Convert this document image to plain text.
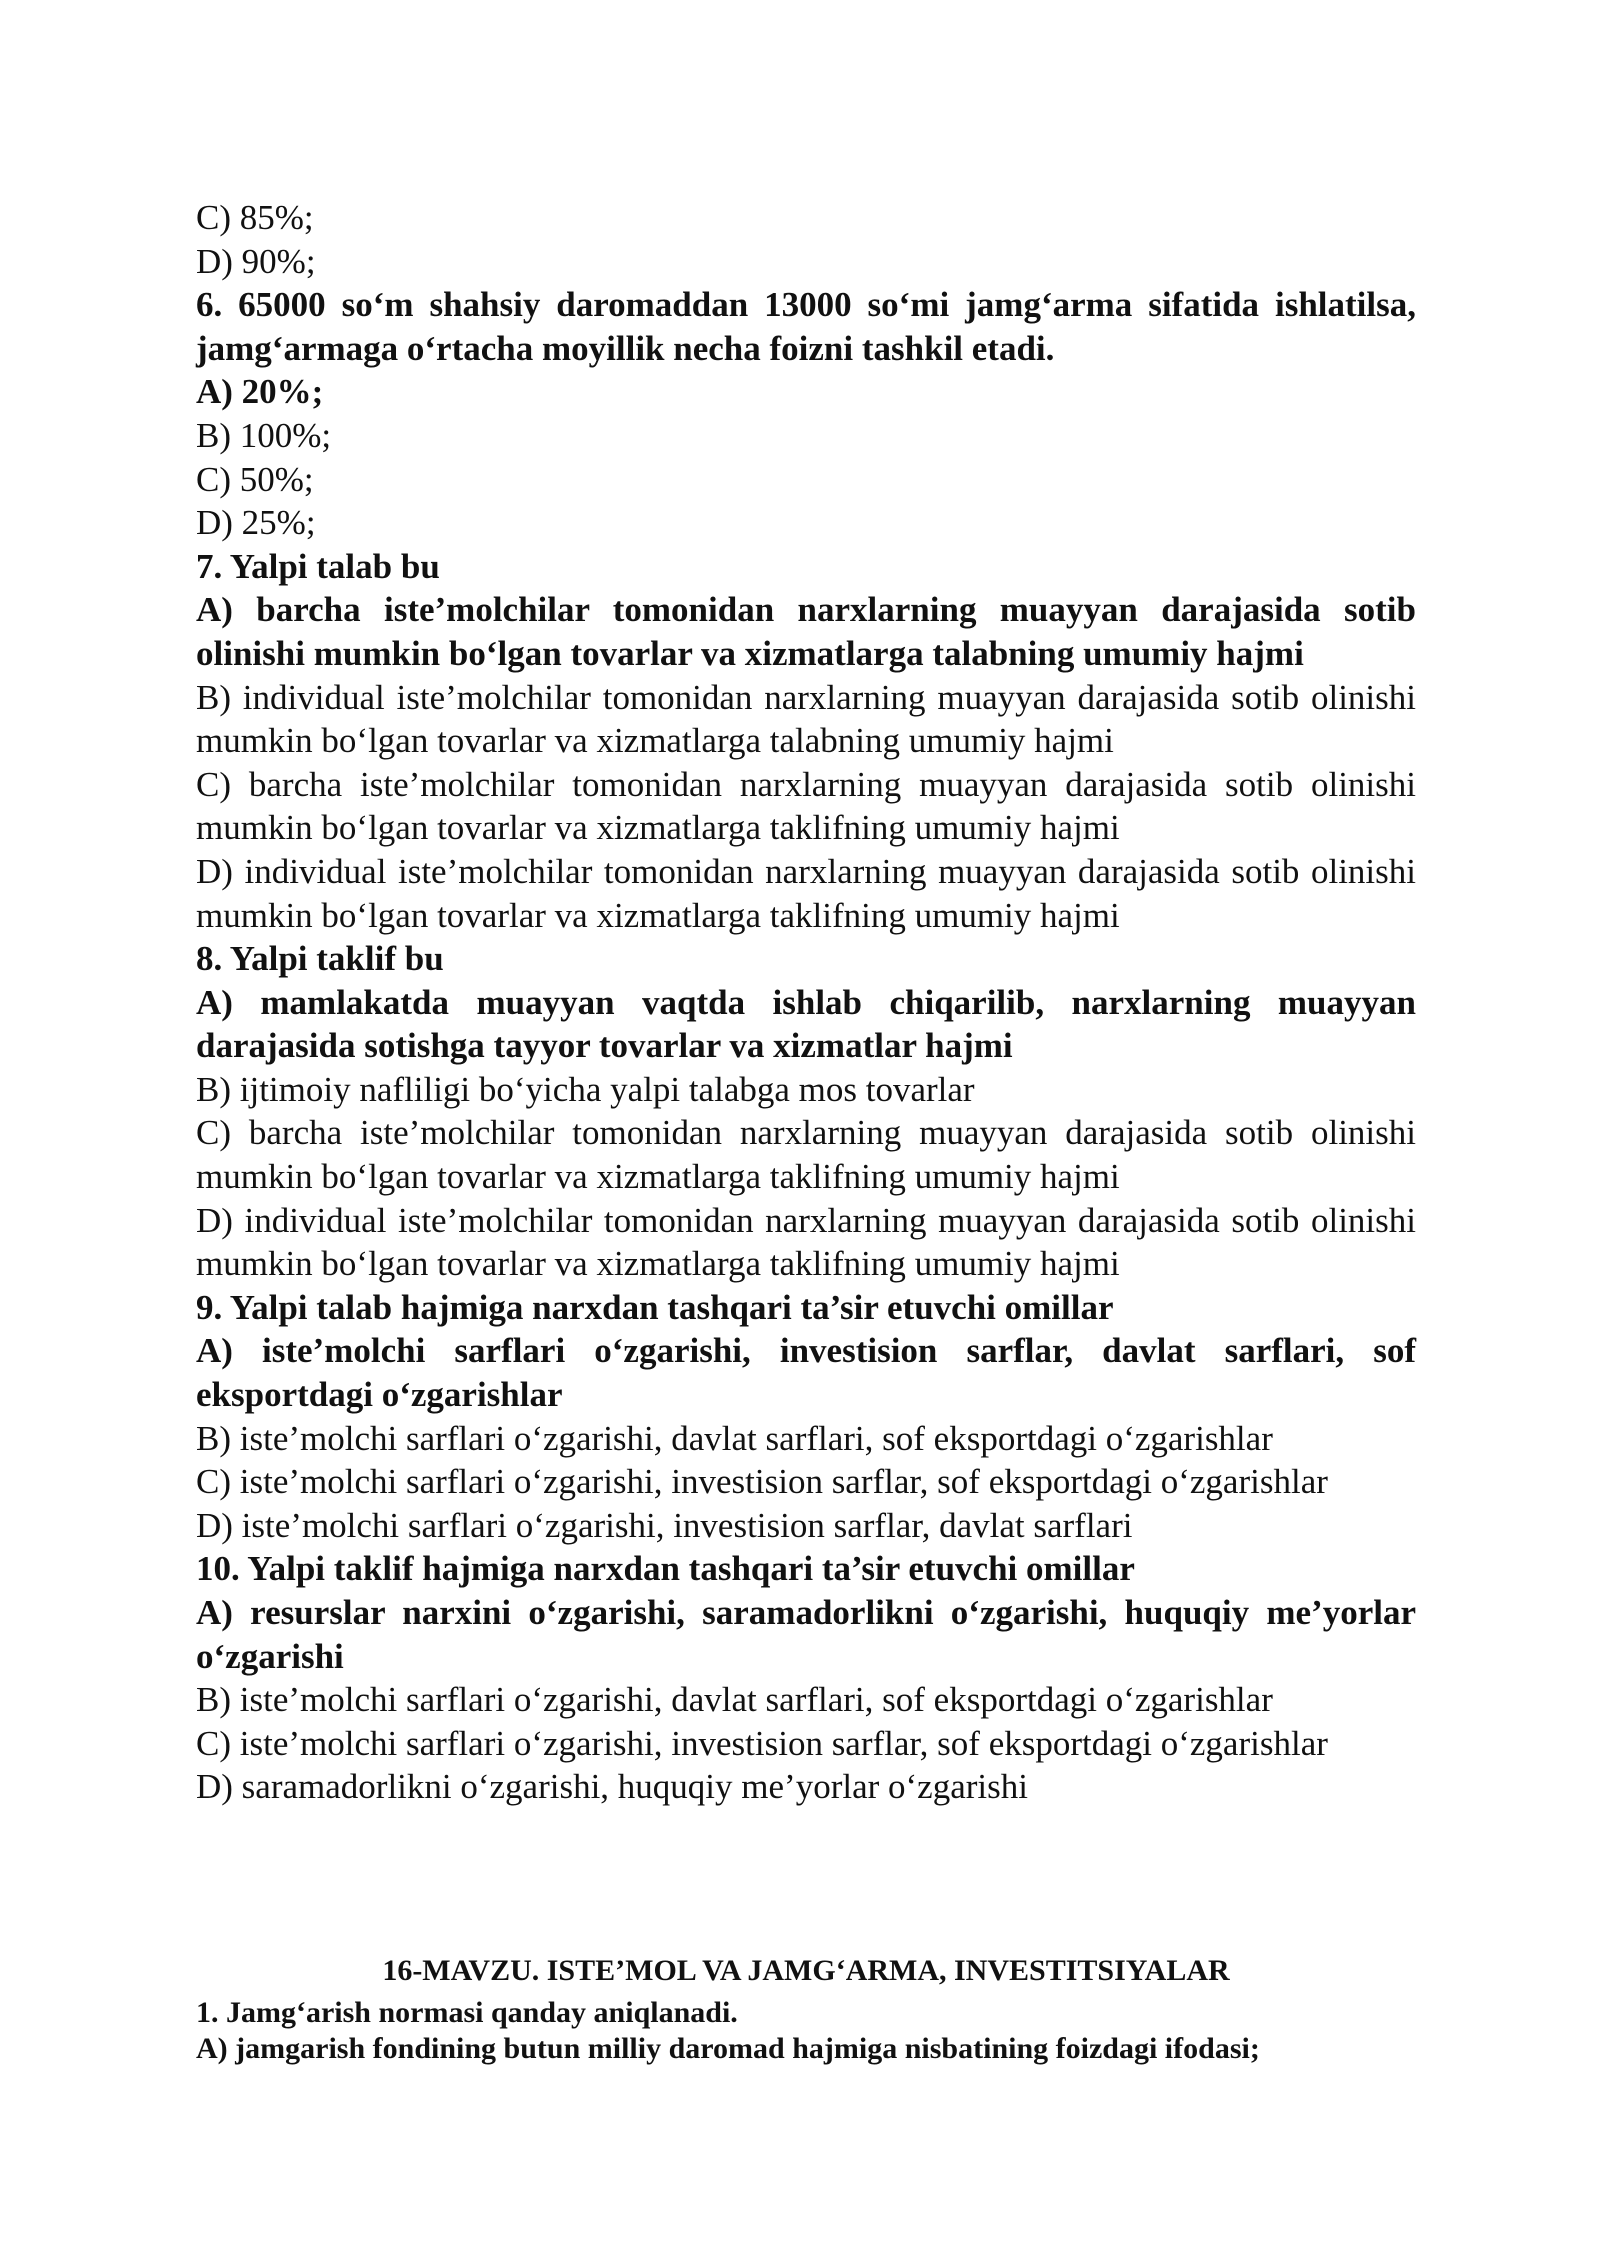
C) 85%;

D) 90%;

6. 65000 so‘m shahsiy daromaddan 13000 so‘mi jamg‘arma sifatida ishlatilsa, jamg‘armaga o‘rtacha moyillik necha foizni tashkil etadi.

A) 20%;

B) 100%;

C) 50%;

D) 25%;

7. Yalpi talab bu

A) barcha iste’molchilar tomonidan narxlarning muayyan darajasida sotib olinishi mumkin bo‘lgan tovarlar va xizmatlarga talabning umumiy hajmi

B) individual iste’molchilar tomonidan narxlarning muayyan darajasida sotib olinishi mumkin bo‘lgan tovarlar va xizmatlarga talabning umumiy hajmi

C) barcha iste’molchilar tomonidan narxlarning muayyan darajasida sotib olinishi mumkin bo‘lgan tovarlar va xizmatlarga taklifning umumiy hajmi

D) individual iste’molchilar tomonidan narxlarning muayyan darajasida sotib olinishi mumkin bo‘lgan tovarlar va xizmatlarga taklifning umumiy hajmi

8. Yalpi taklif bu

A) mamlakatda muayyan vaqtda ishlab chiqarilib, narxlarning muayyan darajasida sotishga tayyor tovarlar va xizmatlar hajmi

B) ijtimoiy nafliligi bo‘yicha yalpi talabga mos tovarlar

C) barcha iste’molchilar tomonidan narxlarning muayyan darajasida sotib olinishi mumkin bo‘lgan tovarlar va xizmatlarga taklifning umumiy hajmi

D) individual iste’molchilar tomonidan narxlarning muayyan darajasida sotib olinishi mumkin bo‘lgan tovarlar va xizmatlarga taklifning umumiy hajmi

9. Yalpi talab hajmiga narxdan tashqari ta’sir etuvchi omillar

A) iste’molchi sarflari o‘zgarishi, investision sarflar, davlat sarflari, sof eksportdagi o‘zgarishlar

B) iste’molchi sarflari o‘zgarishi, davlat sarflari, sof eksportdagi o‘zgarishlar

C) iste’molchi sarflari o‘zgarishi, investision sarflar, sof eksportdagi o‘zgarishlar

D) iste’molchi sarflari o‘zgarishi, investision sarflar, davlat sarflari

10. Yalpi taklif hajmiga narxdan tashqari ta’sir etuvchi omillar

A) resurslar narxini o‘zgarishi, saramadorlikni o‘zgarishi, huquqiy me’yorlar o‘zgarishi

B) iste’molchi sarflari o‘zgarishi, davlat sarflari, sof eksportdagi o‘zgarishlar

C) iste’molchi sarflari o‘zgarishi, investision sarflar, sof eksportdagi o‘zgarishlar

D) saramadorlikni o‘zgarishi, huquqiy me’yorlar o‘zgarishi

16-MAVZU. ISTE’MOL VA JAMG‘ARMA, INVESTITSIYALAR
1. Jamg‘arish normasi qanday aniqlanadi.
A) jamgarish fondining butun milliy daromad hajmiga nisbatining foizdagi ifodasi;
